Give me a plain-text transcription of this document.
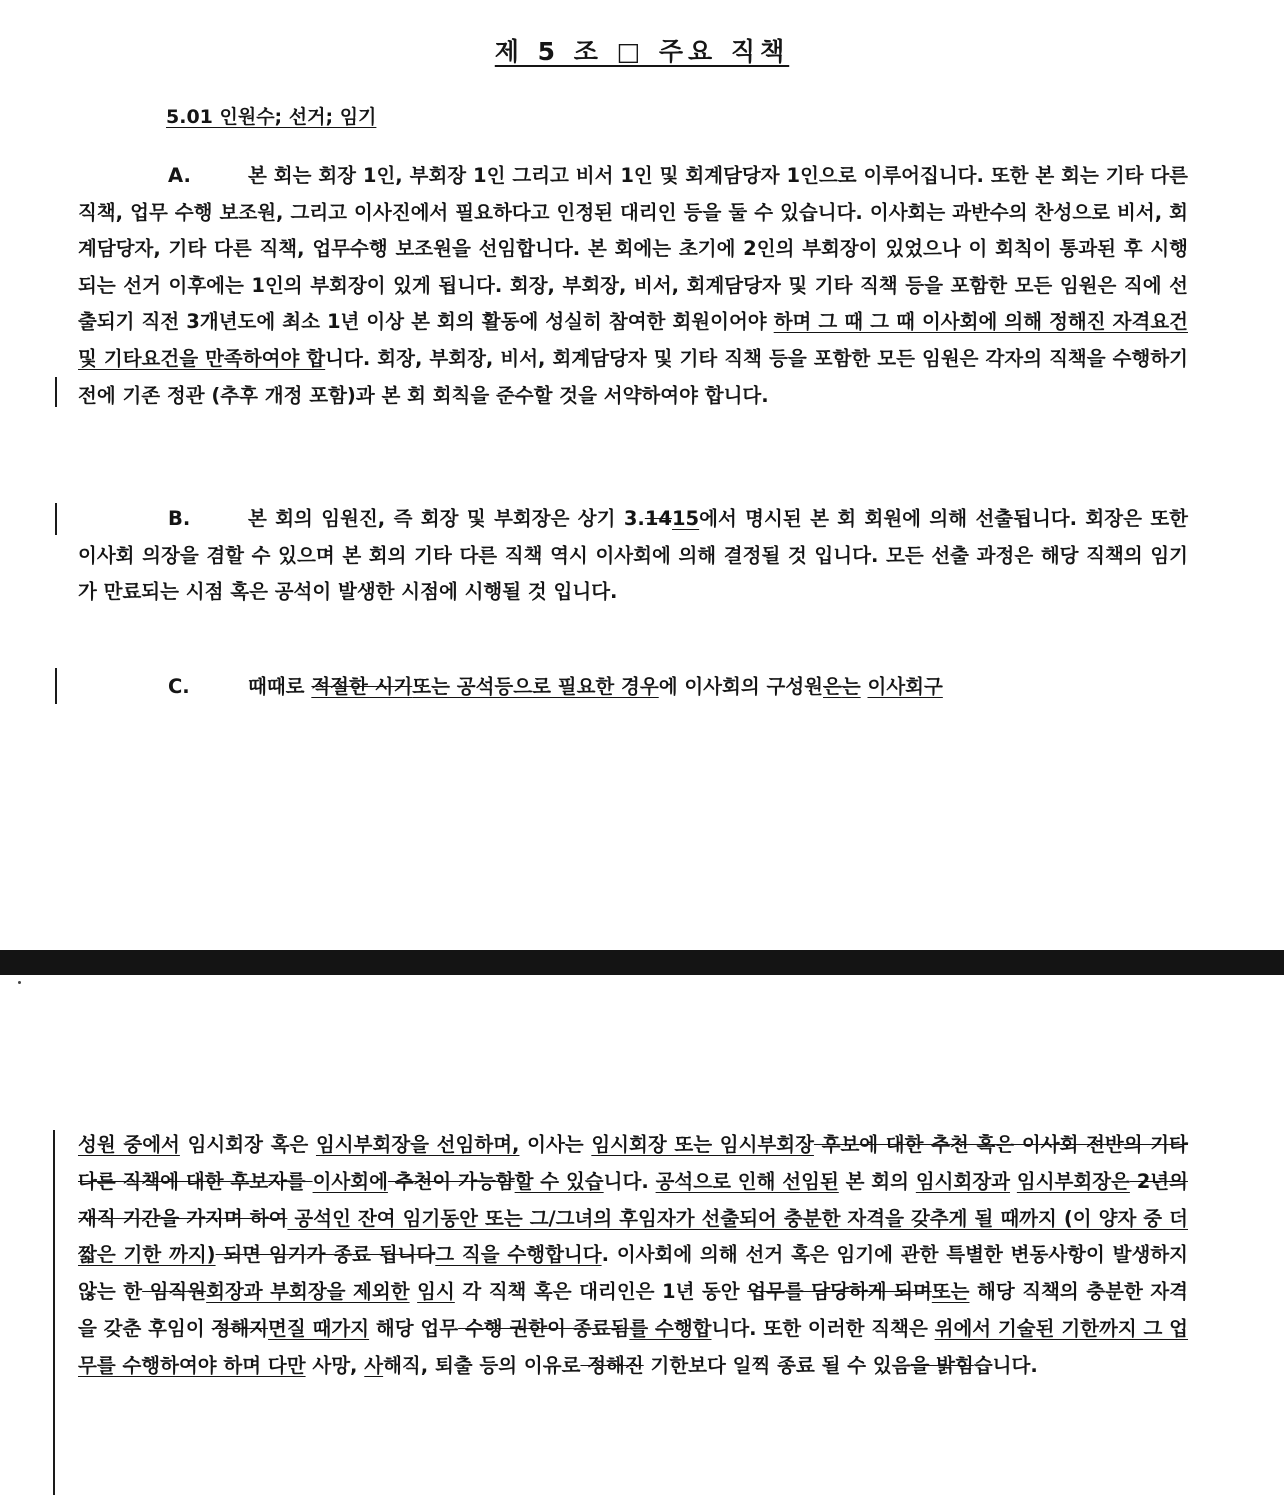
제 5 조 □ 주요 직책
5.01 인원수; 선거; 임기

A.	본 회는 회장 1인, 부회장 1인 그리고 비서 1인 및 회계담당자 1인으로 이루어집니다. 또한 본 회는 기타 다른 직책, 업무 수행 보조원, 그리고 이사진에서 필요하다고 인정된 대리인 등을 둘 수 있습니다. 이사회는 과반수의 찬성으로 비서, 회계담당자, 기타 다른 직책, 업무수행 보조원을 선임합니다. 본 회에는 초기에 2인의 부회장이 있었으나 이 회칙이 통과된 후 시행되는 선거 이후에는 1인의 부회장이 있게 됩니다. 회장, 부회장, 비서, 회계담당자 및 기타 직책 등을 포함한 모든 임원은 직에 선출되기 직전 3개년도에 최소 1년 이상 본 회의 활동에 성실히 참여한 회원이어야 하며 그 때 그 때 이사회에 의해 정해진 자격요건 및 기타요건을 만족하여야 합니다. 회장, 부회장, 비서, 회계담당자 및 기타 직책 등을 포함한 모든 임원은 각자의 직책을 수행하기 전에 기존 정관 (추후 개정 포함)과 본 회 회칙을 준수할 것을 서약하여야 합니다.

B.	본 회의 임원진, 즉 회장 및 부회장은 상기 3.1415에서 명시된 본 회 회원에 의해 선출됩니다. 회장은 또한 이사회 의장을 겸할 수 있으며 본 회의 기타 다른 직책 역시 이사회에 의해 결정될 것 입니다. 모든 선출 과정은 해당 직책의 임기가 만료되는 시점 혹은 공석이 발생한 시점에 시행될 것 입니다.

C.	때때로 적절한 시기또는 공석등으로 필요한 경우에 이사회의 구성원은는 이사회구

성원 중에서 임시회장 혹은 임시부회장을 선임하며, 이사는 임시회장 또는 임시부회장 후보에 대한 추천 혹은 이사회 전반의 기타 다른 직책에 대한 후보자를 이사회에 추천이 가능함할 수 있습니다. 공석으로 인해 선임된 본 회의 임시회장과 임시부회장은 2년의 재직 기간을 가지며 하여 공석인 잔여 임기동안 또는 그/그녀의 후임자가 선출되어 충분한 자격을 갖추게 될 때까지 (이 양자 중 더 짧은 기한 까지) 되면 임기가 종료 됩니다그 직을 수행합니다. 이사회에 의해 선거 혹은 임기에 관한 특별한 변동사항이 발생하지 않는 한 임직원회장과 부회장을 제외한 임시 각 직책 혹은 대리인은 1년 동안 업무를 담당하게 되며또는 해당 직책의 충분한 자격을 갖춘 후임이 정해지면질 때가지 해당 업무 수행 권한이 종료됨를 수행합니다. 또한 이러한 직책은 위에서 기술된 기한까지 그 업무를 수행하여야 하며 다만 사망, 사해직, 퇴출 등의 이유로 정해진 기한보다 일찍 종료 될 수 있음을 밝힘습니다.
